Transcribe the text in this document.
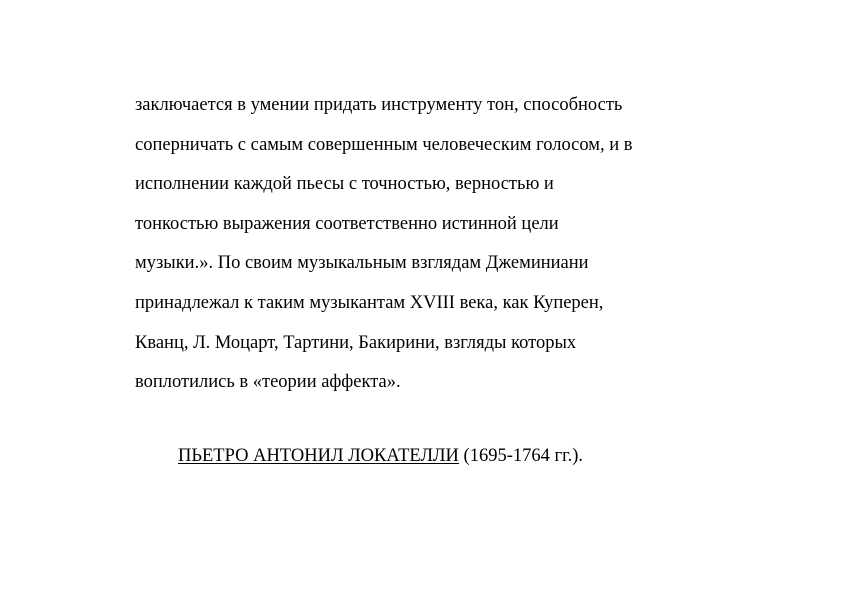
заключается в умении придать инструменту тон, способность
соперничать с самым совершенным человеческим голосом, и в
исполнении каждой пьесы с точностью, верностью и
тонкостью выражения соответственно истинной цели
музыки.». По своим музыкальным взглядам Джеминиани
принадлежал к таким музыкантам XVIII века, как Куперен,
Кванц, Л. Моцарт, Тартини, Бакирини, взгляды которых
воплотились в «теории аффекта».

ПЬЕТРО АНТОНИЛ ЛОКАТЕЛЛИ (1695-1764 гг.).
